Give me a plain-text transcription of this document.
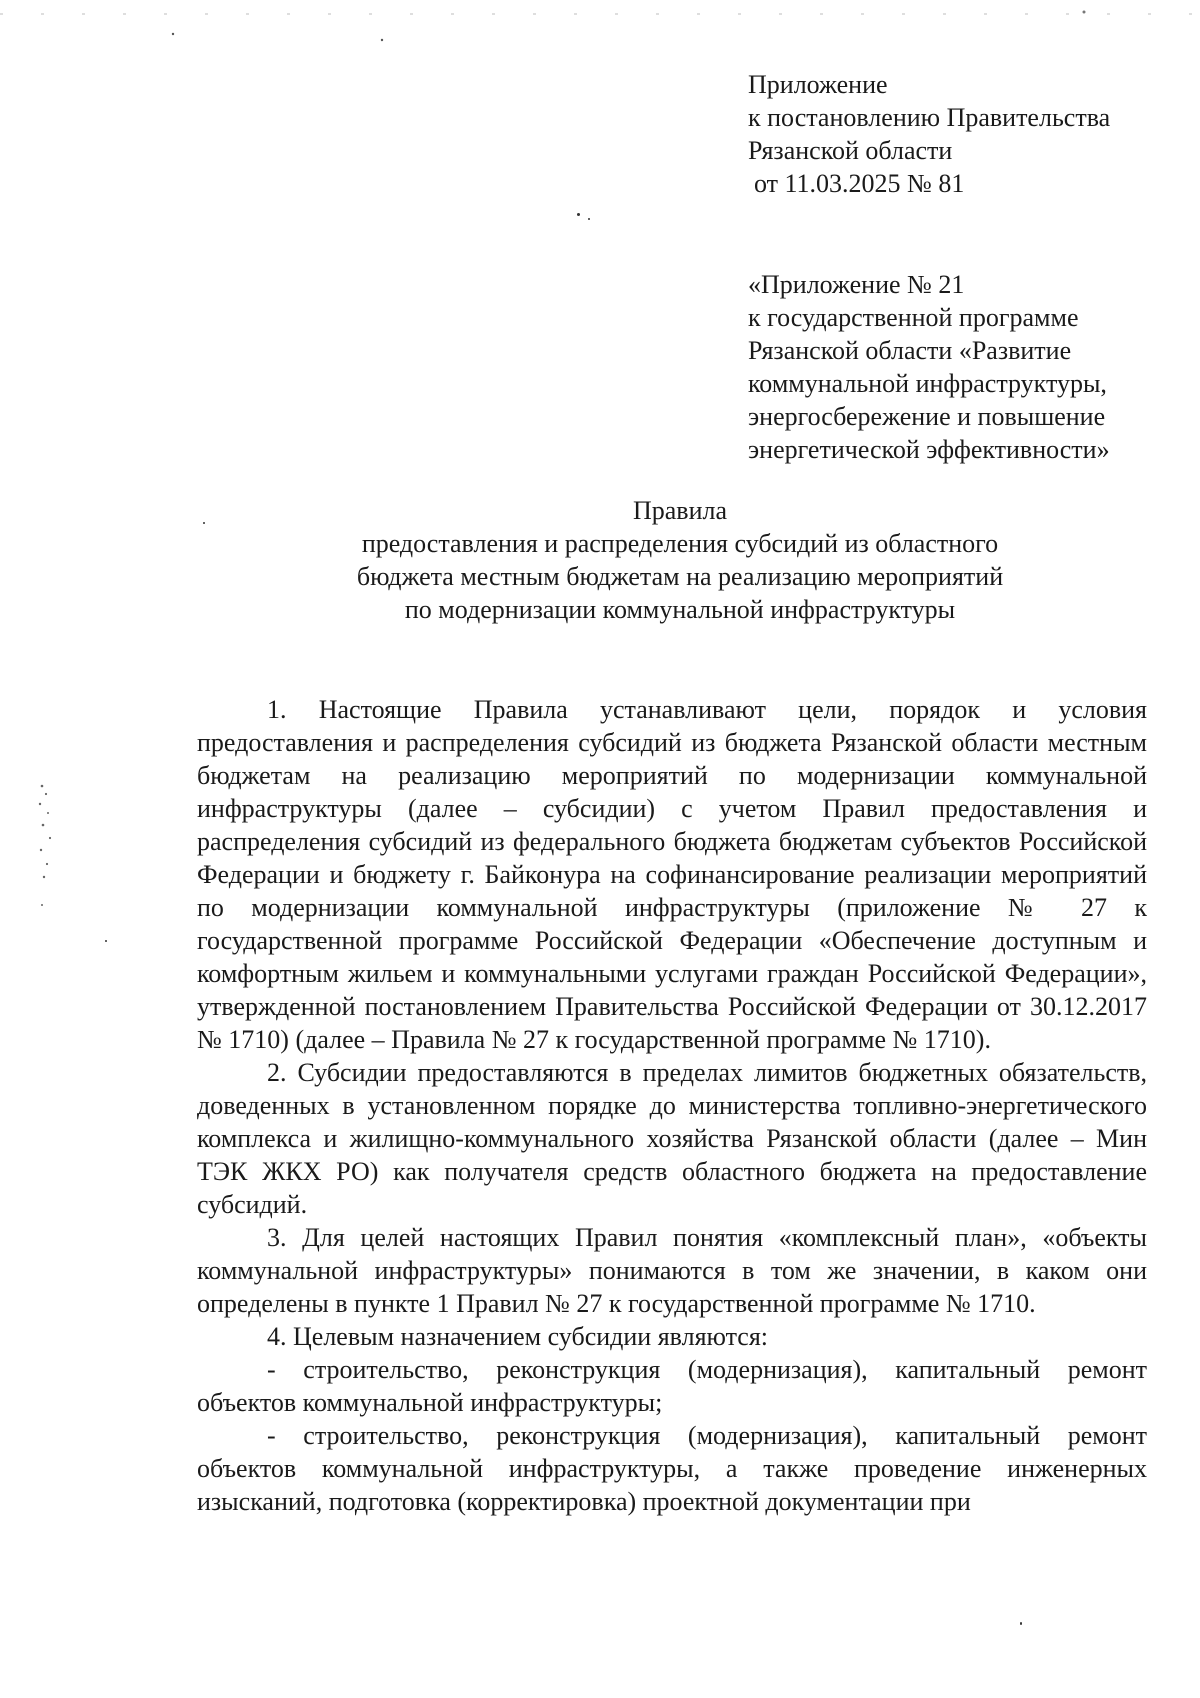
Приложение
к постановлению Правительства
Рязанской области
от 11.03.2025 № 81
«Приложение № 21
к государственной программе
Рязанской области «Развитие
коммунальной инфраструктуры,
энергосбережение и повышение
энергетической эффективности»
Правила
предоставления и распределения субсидий из областного
бюджета местным бюджетам на реализацию мероприятий
по модернизации коммунальной инфраструктуры

1. Настоящие Правила устанавливают цели, порядок и условия предоставления и распределения субсидий из бюджета Рязанской области местным бюджетам на реализацию мероприятий по модернизации коммунальной инфраструктуры (далее – субсидии) с учетом Правил предоставления и распределения субсидий из федерального бюджета бюджетам субъектов Российской Федерации и бюджету г. Байконура на софинансирование реализации мероприятий по модернизации коммунальной инфраструктуры (приложение № 27 к государственной программе Российской Федерации «Обеспечение доступным и комфортным жильем и коммунальными услугами граждан Российской Федерации», утвержденной постановлением Правительства Российской Федерации от 30.12.2017 № 1710) (далее – Правила № 27 к государственной программе № 1710).

2. Субсидии предоставляются в пределах лимитов бюджетных обязательств, доведенных в установленном порядке до министерства топливно-энергетического комплекса и жилищно-коммунального хозяйства Рязанской области (далее – Мин ТЭК ЖКХ РО) как получателя средств областного бюджета на предоставление субсидий.

3. Для целей настоящих Правил понятия «комплексный план», «объекты коммунальной инфраструктуры» понимаются в том же значении, в каком они определены в пункте 1 Правил № 27 к государственной программе № 1710.

4. Целевым назначением субсидии являются:

- строительство, реконструкция (модернизация), капитальный ремонт объектов коммунальной инфраструктуры;

- строительство, реконструкция (модернизация), капитальный ремонт объектов коммунальной инфраструктуры, а также проведение инженерных изысканий, подготовка (корректировка) проектной документации при
